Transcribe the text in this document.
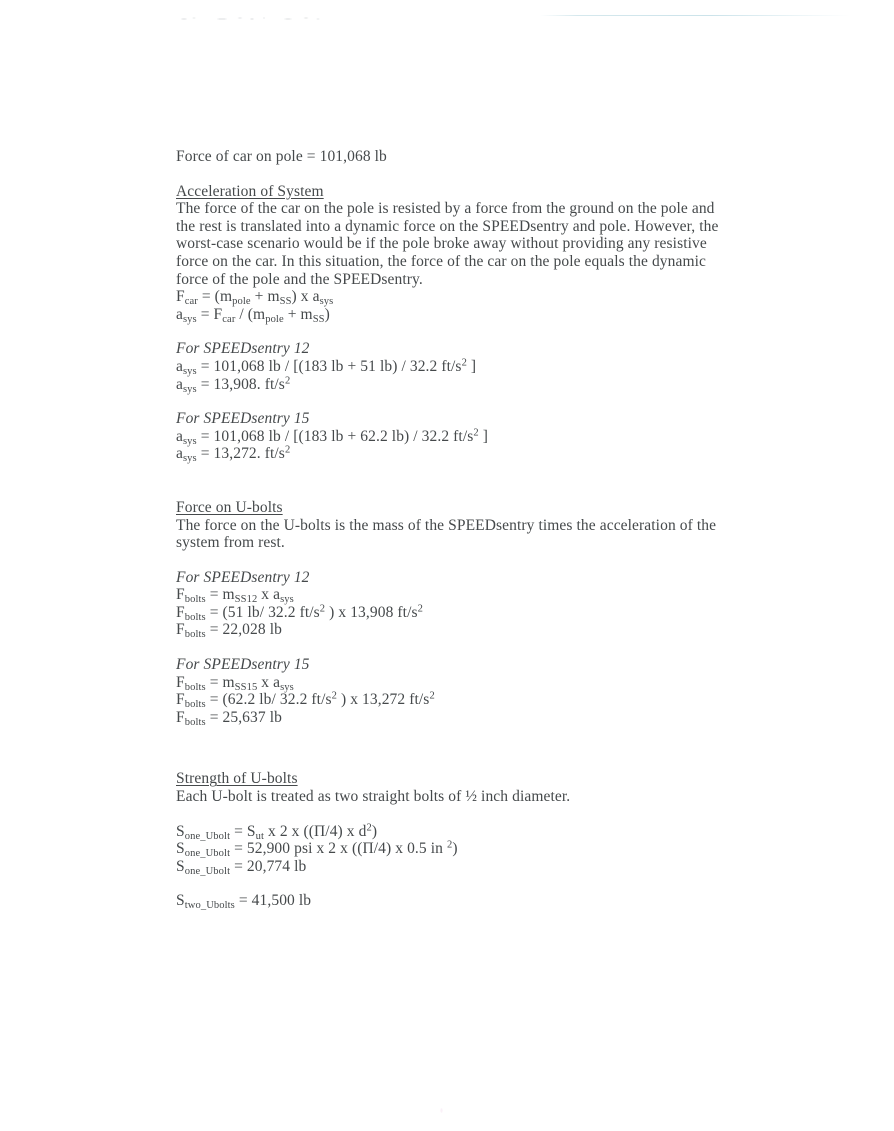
Force of car on pole = 101,068 lb
Acceleration of System

The force of the car on the pole is resisted by a force from the ground on the pole and the rest is translated into a dynamic force on the SPEEDsentry and pole. However, the worst-case scenario would be if the pole broke away without providing any resistive force on the car. In this situation, the force of the car on the pole equals the dynamic force of the pole and the SPEEDsentry.

$F_{car} = (m_{pole} + m_{SS})$ x $a_{sys}$
$a_{sys} = F_{car} / (m_{pole} + m_{SS})$
For SPEEDsentry 12
$a_{sys} = 101,068$ lb / [(183 lb + 51 lb) / 32.2 $ft/s^2$ ]
$a_{sys} = 13,908$. $ft/s^2$
For SPEEDsentry 15
$a_{sys} = 101,068$ lb / [(183 lb + 62.2 lb) / 32.2 $ft/s^2$ ]
$a_{sys} = 13,272$. $ft/s^2$
Force on U-bolts

The force on the U-bolts is the mass of the SPEEDsentry times the acceleration of the system from rest.

For SPEEDsentry 12
$F_{bolts} = m_{SS12}$ x $a_{sys}$
$F_{bolts} = (51$ lb/ 32.2 $ft/s^2$ ) x 13,908 $ft/s^2$
$F_{bolts} = 22,028$ lb
For SPEEDsentry 15
$F_{bolts} = m_{SS15}$ x $a_{sys}$
$F_{bolts} = (62.2$ lb/ 32.2 $ft/s^2$ ) x 13,272 $ft/s^2$
$F_{bolts} = 25,637$ lb
Strength of U-bolts

Each U-bolt is treated as two straight bolts of ½ inch diameter.

$S_{one\_Ubolt} = S_{ut}$ x 2 x ((Π/4) x $d^2$)
$S_{one\_Ubolt} = 52,900$ psi x 2 x ((Π/4) x 0.5 in $^2$)
$S_{one\_Ubolt} = 20,774$ lb
$S_{two\_Ubolts} = 41,500$ lb
